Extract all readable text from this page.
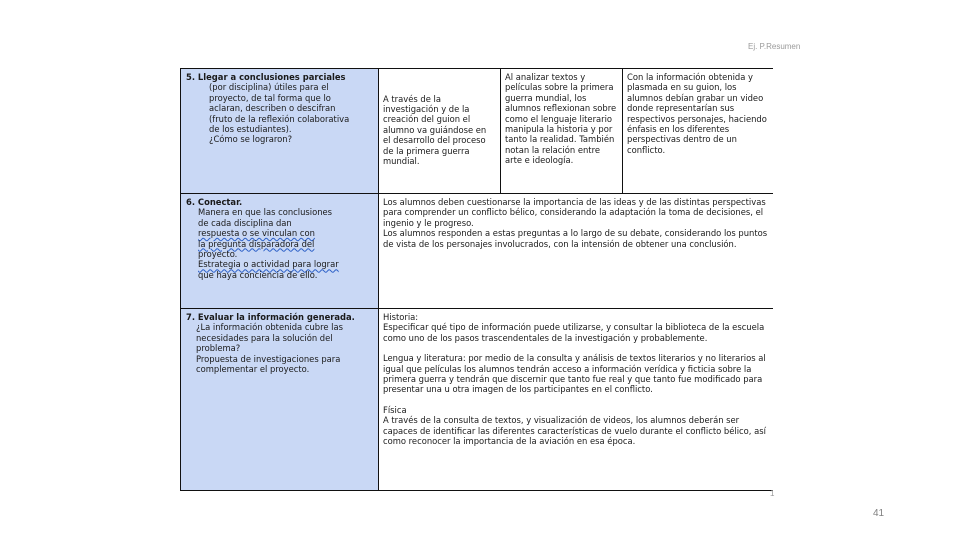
Ej. P.Resumen
5. Llegar a conclusiones parciales
(por disciplina) útiles para el
proyecto, de tal forma que lo
aclaran, describen o descifran
(fruto de la reflexión colaborativa
de los estudiantes).
¿Cómo se lograron?
	A través de la investigación y de la creación del guion el alumno va guiándose en el desarrollo del proceso de la primera guerra mundial.	Al analizar textos y películas sobre la primera guerra mundial, los alumnos reflexionan sobre como el lenguaje literario manipula la historia y por tanto la realidad. También notan la relación entre arte e ideología.	Con la información obtenida y plasmada en su guion, los alumnos debían grabar un video donde representarían sus respectivos personajes, haciendo énfasis en los diferentes perspectivas dentro de un conflicto.

6. Conectar.
Manera en que las conclusiones
de cada disciplina dan
respuesta o se vinculan con
la pregunta disparadora del
proyecto.
Estrategia o actividad para lograr
que haya conciencia de ello.

Los alumnos deben cuestionarse la importancia de las ideas y de las distintas perspectivas para comprender un conflicto bélico, considerando la adaptación la toma de decisiones, el ingenio y le progreso.
Los alumnos responden a estas preguntas a lo largo de su debate, considerando los puntos de vista de los personajes involucrados, con la intensión de obtener una conclusión.

7. Evaluar la información generada.
¿La información obtenida cubre las
necesidades para la solución del
problema?
Propuesta de investigaciones para
complementar el proyecto.

Historia:
Especificar qué tipo de información puede utilizarse, y consultar la biblioteca de la escuela como uno de los pasos trascendentales de la investigación y probablemente.
Lengua y literatura: por medio de la consulta y análisis de textos literarios y no literarios al igual que películas los alumnos tendrán acceso a información verídica y ficticia sobre la primera guerra y tendrán que discernir que tanto fue real y que tanto fue modificado para presentar una u otra imagen de los participantes en el conflicto.
Física
A través de la consulta de textos, y visualización de videos, los alumnos deberán ser capaces de identificar las diferentes características de vuelo durante el conflicto bélico, así como reconocer la importancia de la aviación en esa época.
1
41
